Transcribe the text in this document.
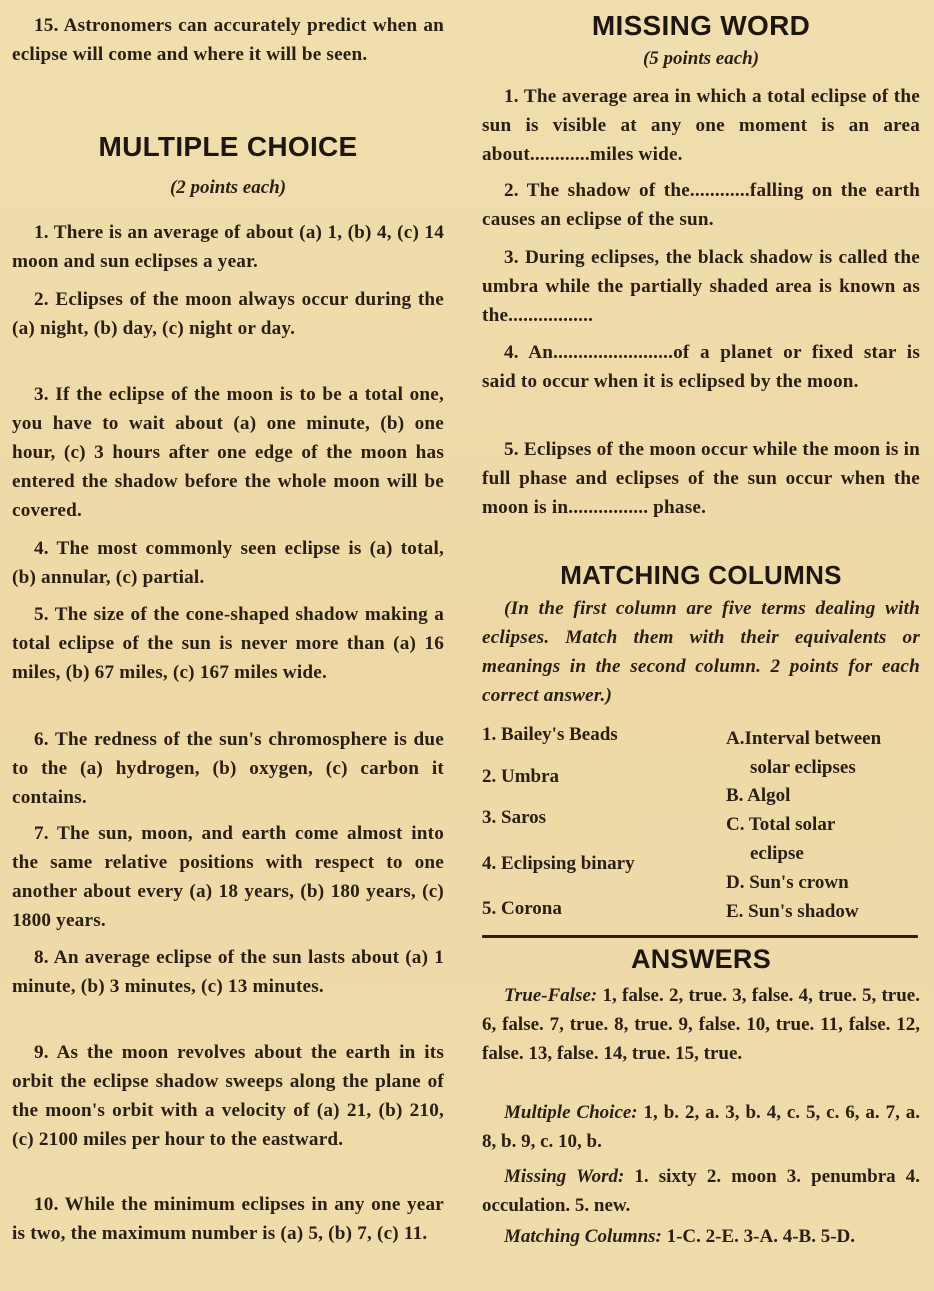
15. Astronomers can accurately predict when an eclipse will come and where it will be seen.

MULTIPLE CHOICE
(2 points each)

1. There is an average of about (a) 1, (b) 4, (c) 14 moon and sun eclipses a year.

2. Eclipses of the moon always occur during the (a) night, (b) day, (c) night or day.

3. If the eclipse of the moon is to be a total one, you have to wait about (a) one minute, (b) one hour, (c) 3 hours after one edge of the moon has entered the shadow before the whole moon will be covered.

4. The most commonly seen eclipse is (a) total, (b) annular, (c) partial.

5. The size of the cone-shaped shadow making a total eclipse of the sun is never more than (a) 16 miles, (b) 67 miles, (c) 167 miles wide.

6. The redness of the sun's chromosphere is due to the (a) hydrogen, (b) oxygen, (c) carbon it contains.

7. The sun, moon, and earth come almost into the same relative positions with respect to one another about every (a) 18 years, (b) 180 years, (c) 1800 years.

8. An average eclipse of the sun lasts about (a) 1 minute, (b) 3 minutes, (c) 13 minutes.

9. As the moon revolves about the earth in its orbit the eclipse shadow sweeps along the plane of the moon's orbit with a velocity of (a) 21, (b) 210, (c) 2100 miles per hour to the eastward.

10. While the minimum eclipses in any one year is two, the maximum number is (a) 5, (b) 7, (c) 11.

MISSING WORD
(5 points each)

1. The average area in which a total eclipse of the sun is visible at any one moment is an area about............miles wide.

2. The shadow of the............falling on the earth causes an eclipse of the sun.

3. During eclipses, the black shadow is called the umbra while the partially shaded area is known as the.................

4. An........................of a planet or fixed star is said to occur when it is eclipsed by the moon.

5. Eclipses of the moon occur while the moon is in full phase and eclipses of the sun occur when the moon is in................ phase.

MATCHING COLUMNS

(In the first column are five terms dealing with eclipses. Match them with their equivalents or meanings in the second column. 2 points for each correct answer.)

1. Bailey's Beads
2. Umbra
3. Saros
4. Eclipsing binary
5. Corona
A.Interval between
solar eclipses
B. Algol
C. Total solar
eclipse
D. Sun's crown
E. Sun's shadow
ANSWERS

True-False: 1, false. 2, true. 3, false. 4, true. 5, true. 6, false. 7, true. 8, true. 9, false. 10, true. 11, false. 12, false. 13, false. 14, true. 15, true.

Multiple Choice: 1, b. 2, a. 3, b. 4, c. 5, c. 6, a. 7, a. 8, b. 9, c. 10, b.

Missing Word: 1. sixty 2. moon 3. penumbra 4. occulation. 5. new.

Matching Columns: 1-C. 2-E. 3-A. 4-B. 5-D.
